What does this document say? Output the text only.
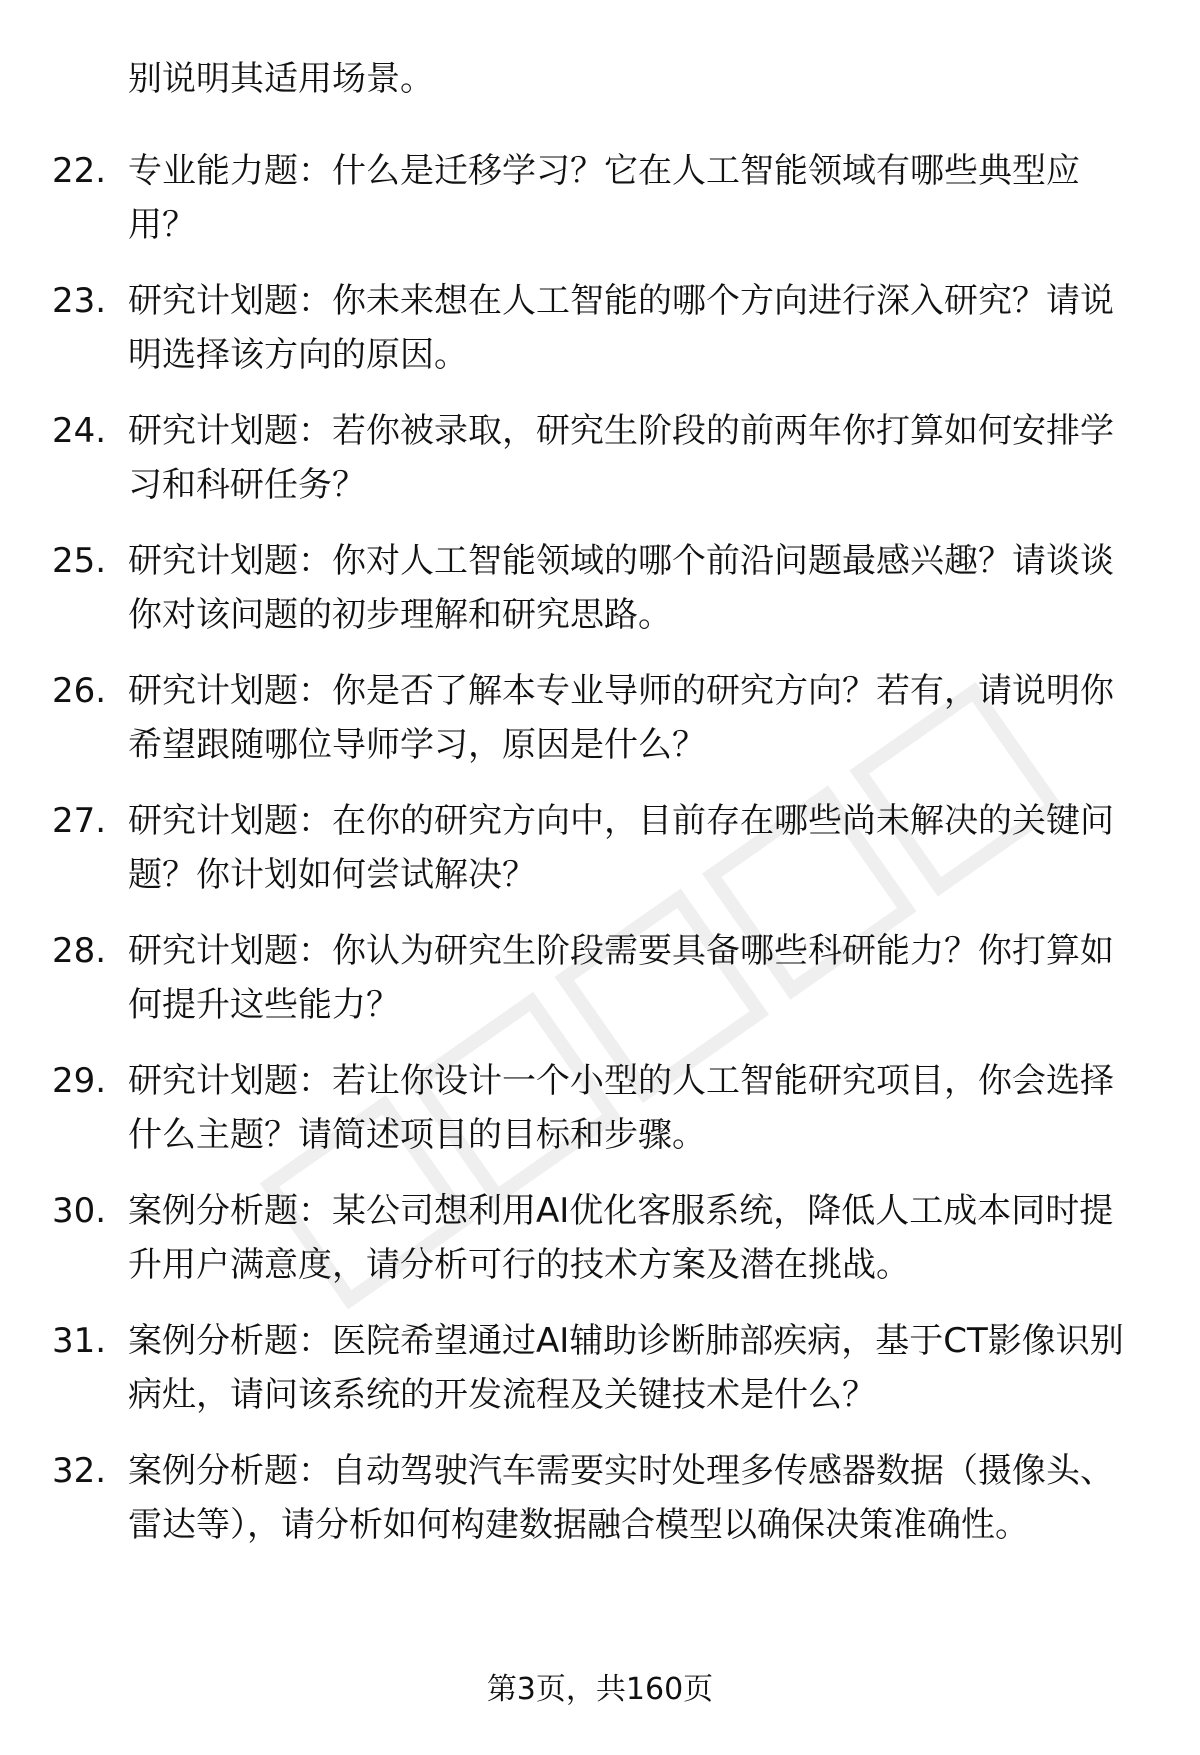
别说明其适用场景。

22. 专业能力题：什么是迁移学习？它在人工智能领域有哪些典型应用？

23. 研究计划题：你未来想在人工智能的哪个方向进行深入研究？请说明选择该方向的原因。

24. 研究计划题：若你被录取，研究生阶段的前两年你打算如何安排学习和科研任务？

25. 研究计划题：你对人工智能领域的哪个前沿问题最感兴趣？请谈谈你对该问题的初步理解和研究思路。

26. 研究计划题：你是否了解本专业导师的研究方向？若有，请说明你希望跟随哪位导师学习，原因是什么？

27. 研究计划题：在你的研究方向中，目前存在哪些尚未解决的关键问题？你计划如何尝试解决？

28. 研究计划题：你认为研究生阶段需要具备哪些科研能力？你打算如何提升这些能力？

29. 研究计划题：若让你设计一个小型的人工智能研究项目，你会选择什么主题？请简述项目的目标和步骤。

30. 案例分析题：某公司想利用AI优化客服系统，降低人工成本同时提升用户满意度，请分析可行的技术方案及潜在挑战。

31. 案例分析题：医院希望通过AI辅助诊断肺部疾病，基于CT影像识别病灶，请问该系统的开发流程及关键技术是什么？

32. 案例分析题：自动驾驶汽车需要实时处理多传感器数据（摄像头、雷达等），请分析如何构建数据融合模型以确保决策准确性。

第3页，共160页
